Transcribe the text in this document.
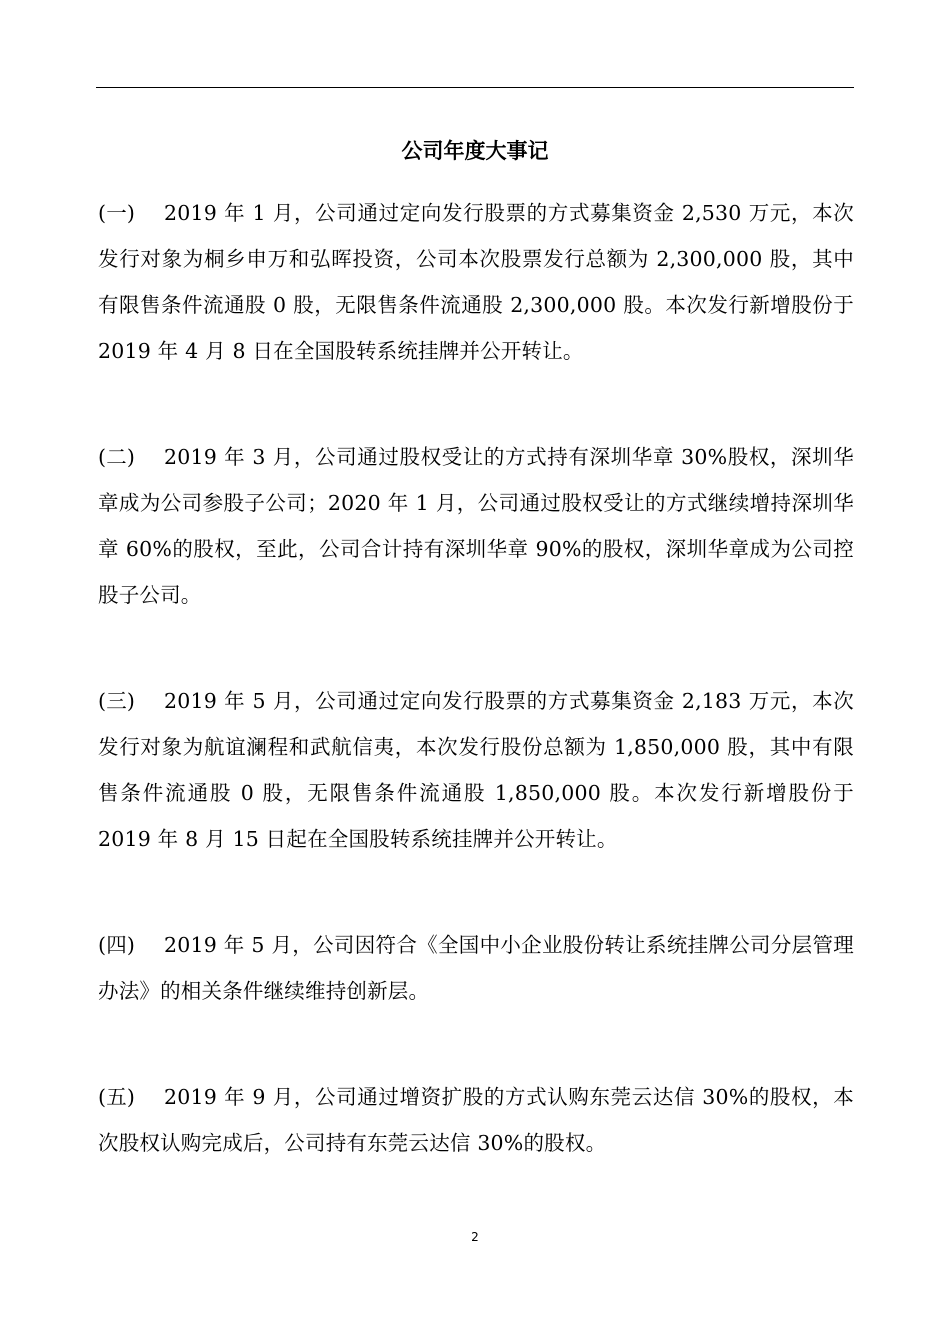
公司年度大事记

(一) 2019 年 1 月，公司通过定向发行股票的方式募集资金 2,530 万元，本次发行对象为桐乡申万和弘晖投资，公司本次股票发行总额为 2,300,000 股，其中有限售条件流通股 0 股，无限售条件流通股 2,300,000 股。本次发行新增股份于 2019 年 4 月 8 日在全国股转系统挂牌并公开转让。

(二) 2019 年 3 月，公司通过股权受让的方式持有深圳华章 30%股权，深圳华章成为公司参股子公司；2020 年 1 月，公司通过股权受让的方式继续增持深圳华章 60%的股权，至此，公司合计持有深圳华章 90%的股权，深圳华章成为公司控股子公司。

(三) 2019 年 5 月，公司通过定向发行股票的方式募集资金 2,183 万元，本次发行对象为航谊澜程和武航信夷，本次发行股份总额为 1,850,000 股，其中有限售条件流通股 0 股，无限售条件流通股 1,850,000 股。本次发行新增股份于 2019 年 8 月 15 日起在全国股转系统挂牌并公开转让。

(四) 2019 年 5 月，公司因符合《全国中小企业股份转让系统挂牌公司分层管理办法》的相关条件继续维持创新层。

(五) 2019 年 9 月，公司通过增资扩股的方式认购东莞云达信 30%的股权，本次股权认购完成后，公司持有东莞云达信 30%的股权。

2
